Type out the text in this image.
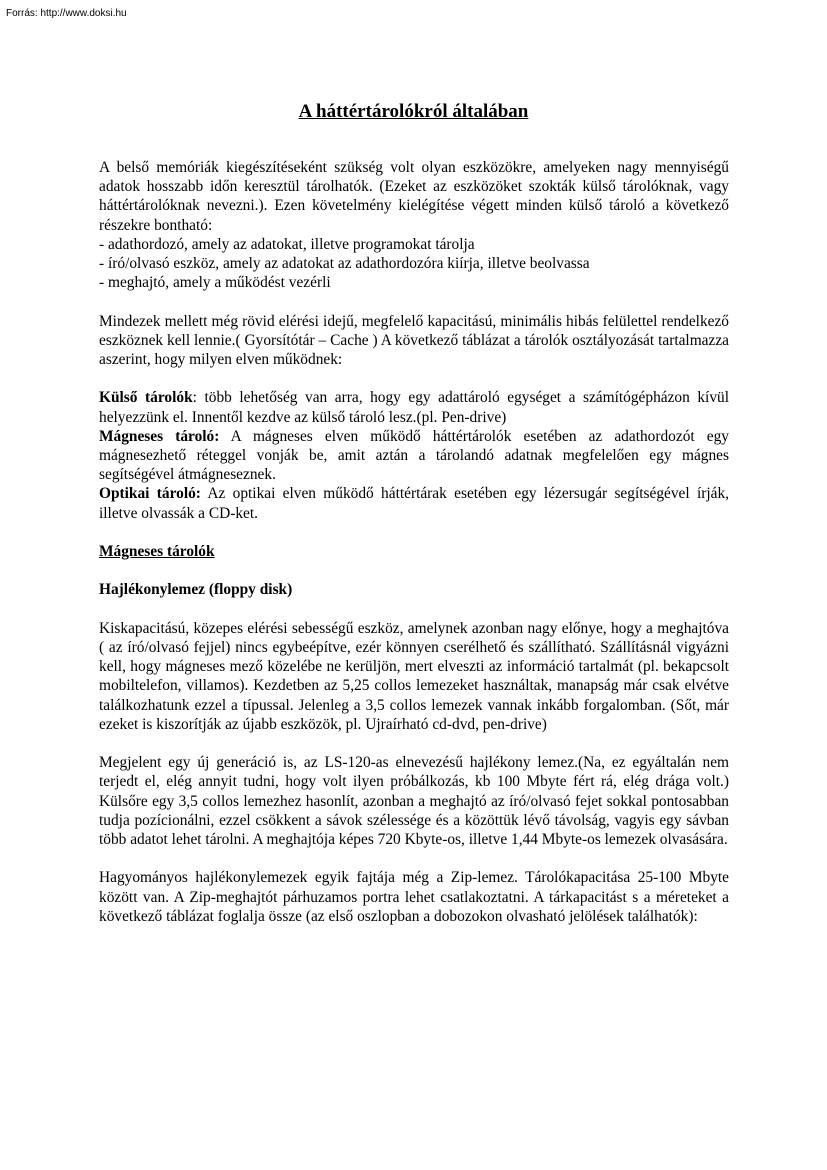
Forrás: http://www.doksi.hu
A háttértárolókról általában

A belső memóriák kiegészítéseként szükség volt olyan eszközökre, amelyeken nagy mennyiségű adatok hosszabb időn keresztül tárolhatók. (Ezeket az eszközöket szokták külső tárolóknak, vagy háttértárolóknak nevezni.). Ezen követelmény kielégítése végett minden külső tároló a következő részekre bontható:

- adathordozó, amely az adatokat, illetve programokat tárolja

- író/olvasó eszköz, amely az adatokat az adathordozóra kiírja, illetve beolvassa

- meghajtó, amely a működést vezérli

Mindezek mellett még rövid elérési idejű, megfelelő kapacitású, minimális hibás felülettel rendelkező eszköznek kell lennie.( Gyorsítótár – Cache ) A következő táblázat a tárolók osztályozását tartalmazza aszerint, hogy milyen elven működnek:

Külső tárolók: több lehetőség van arra, hogy egy adattároló egységet a számítógépházon kívül helyezzünk el. Innentől kezdve az külső tároló lesz.(pl. Pen-drive)

Mágneses tároló: A mágneses elven működő háttértárolók esetében az adathordozót egy mágnesezhető réteggel vonják be, amit aztán a tárolandó adatnak megfelelően egy mágnes segítségével átmágneseznek.

Optikai tároló: Az optikai elven működő háttértárak esetében egy lézersugár segítségével írják, illetve olvassák a CD-ket.

Mágneses tárolók

Hajlékonylemez (floppy disk)

Kiskapacitású, közepes elérési sebességű eszköz, amelynek azonban nagy előnye, hogy a meghajtóva ( az író/olvasó fejjel) nincs egybeépítve, ezér könnyen cserélhető és szállítható. Szállításnál vigyázni kell, hogy mágneses mező közelébe ne kerüljön, mert elveszti az információ tartalmát (pl. bekapcsolt mobiltelefon, villamos). Kezdetben az 5,25 collos lemezeket használtak, manapság már csak elvétve találkozhatunk ezzel a típussal. Jelenleg a 3,5 collos lemezek vannak inkább forgalomban. (Sőt, már ezeket is kiszorítják az újabb eszközök, pl. Ujraírható cd-dvd, pen-drive)

Megjelent egy új generáció is, az LS-120-as elnevezésű hajlékony lemez.(Na, ez egyáltalán nem terjedt el, elég annyit tudni, hogy volt ilyen próbálkozás, kb 100 Mbyte fért rá, elég drága volt.) Külsőre egy 3,5 collos lemezhez hasonlít, azonban a meghajtó az író/olvasó fejet sokkal pontosabban tudja pozícionálni, ezzel csökkent a sávok szélessége és a közöttük lévő távolság, vagyis egy sávban több adatot lehet tárolni. A meghajtója képes 720 Kbyte-os, illetve 1,44 Mbyte-os lemezek olvasására.

Hagyományos hajlékonylemezek egyik fajtája még a Zip-lemez. Tárolókapacitása 25-100 Mbyte között van. A Zip-meghajtót párhuzamos portra lehet csatlakoztatni. A tárkapacitást s a méreteket a következő táblázat foglalja össze (az első oszlopban a dobozokon olvasható jelölések találhatók):
